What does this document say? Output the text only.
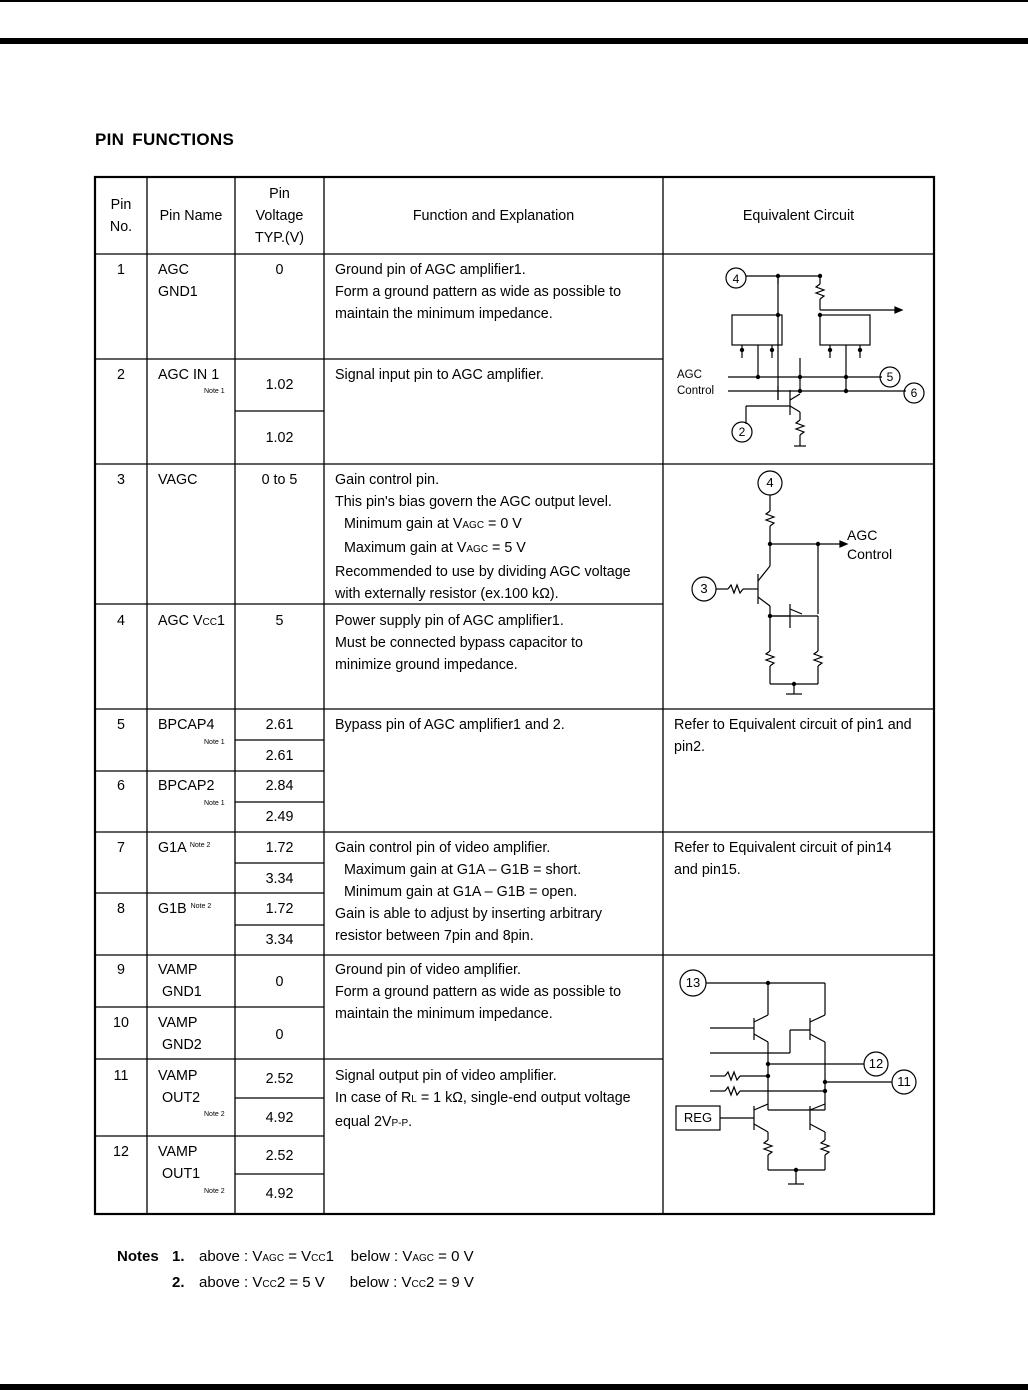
PIN FUNCTIONS
Pin
No.
Pin Name
Pin
Voltage
TYP.(V)
Function and Explanation	Equivalent Circuit
1
2
3
4
5
6
7
8
9
10
11
12
AGC
GND1
AGC IN 1
Note 1
VAGC
AGC VCC1
BPCAP4
Note 1
BPCAP2
Note 1
G1A $^{Note 2}$
G1B $^{Note 2}$
VAMP
GND1
VAMP
GND2
VAMP
OUT2
Note 2
VAMP
OUT1
Note 2
0
1.02
1.02
0 to 5
5
2.61
2.61
2.84
2.49
1.72
3.34
1.72
3.34
0
0
2.52
4.92
2.52
4.92
Ground pin of AGC amplifier1.
Form a ground pattern as wide as possible to
maintain the minimum impedance.
Signal input pin to AGC amplifier.
Gain control pin.
This pin's bias govern the AGC output level.
Minimum gain at VAGC = 0 V
Maximum gain at VAGC = 5 V
Recommended to use by dividing AGC voltage
with externally resistor (ex.100 kΩ).
Power supply pin of AGC amplifier1.
Must be connected bypass capacitor to
minimize ground impedance.
Bypass pin of AGC amplifier1 and 2.
Gain control pin of video amplifier.
Maximum gain at G1A – G1B = short.
Minimum gain at G1A – G1B = open.
Gain is able to adjust by inserting arbitrary
resistor between 7pin and 8pin.
Ground pin of video amplifier.
Form a ground pattern as wide as possible to
maintain the minimum impedance.
Signal output pin of video amplifier.
In case of RL = 1 kΩ, single-end output voltage
equal 2VP-P.
Refer to Equivalent circuit of pin1 and
pin2.
Refer to Equivalent circuit of pin14
and pin15.
4
5
6
2
AGC
Control
4
3
AGC
Control
13
12
11
REG
Notes 1. above : VAGC = VCC1    below : VAGC = 0 V
2. above : VCC2 = 5 V      below : VCC2 = 9 V
